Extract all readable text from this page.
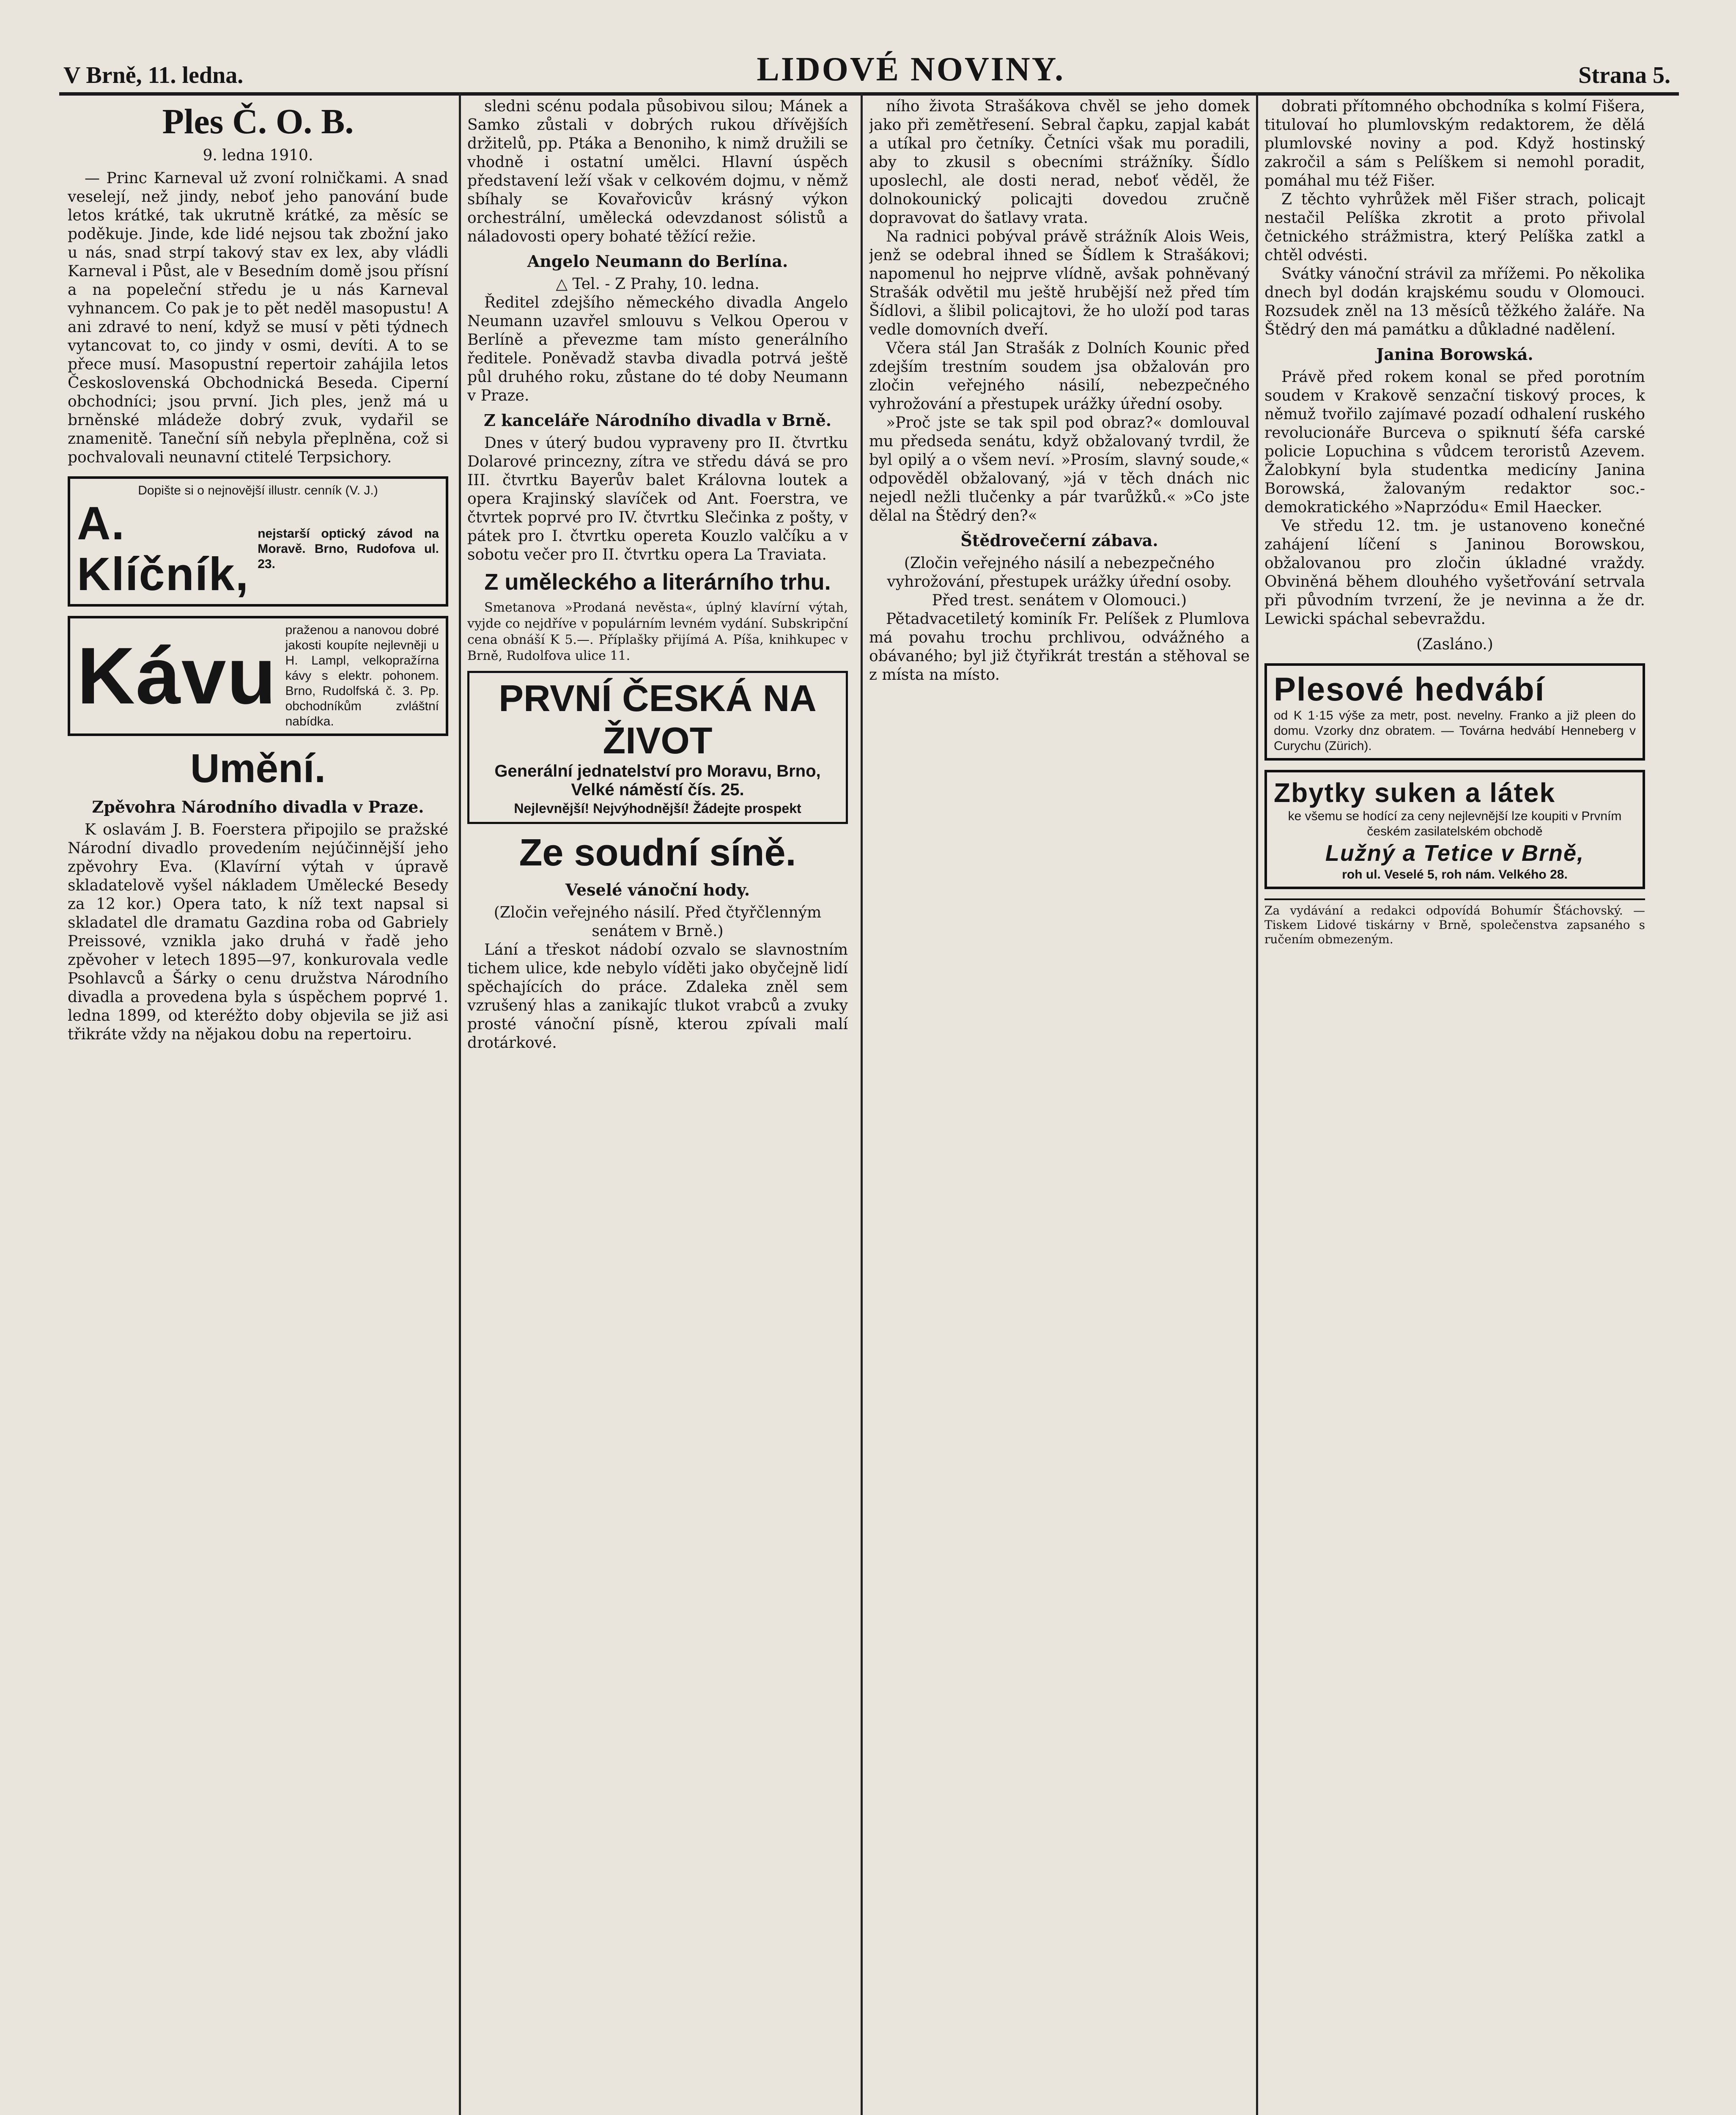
V Brně, 11. ledna.	LIDOVÉ NOVINY.	Strana 5.
Ples Č. O. B.
9. ledna 1910.

— Princ Karneval už zvoní rolničkami. A snad veselejí, než jindy, neboť jeho panování bude letos krátké, tak ukrutně krátké, za měsíc se poděkuje. Jinde, kde lidé nejsou tak zbožní jako u nás, snad strpí takový stav ex lex, aby vládli Karneval i Půst, ale v Besedním domě jsou přísní a na popeleční středu je u nás Karneval vyhnancem. Co pak je to pět neděl masopustu! A ani zdravé to není, když se musí v pěti týdnech vytancovat to, co jindy v osmi, devíti. A to se přece musí. Masopustní repertoir zahájila letos Československá Obchodnická Beseda. Ciperní obchodníci; jsou první. Jich ples, jenž má u brněnské mládeže dobrý zvuk, vydařil se znamenitě. Taneční síň nebyla přeplněna, což si pochvalovali neunavní ctitelé Terpsichory.

Dopište si o nejnovější illustr. cenník (V. J.)
A. Klíčník,
nejstarší optický závod na Moravě. Brno, Rudofova ul. 23.
Kávu
praženou a nanovou dobré jakosti koupíte nejlevněji u H. Lampl, velkopražírna kávy s elektr. pohonem. Brno, Rudolfská č. 3. Pp. obchodníkům zvláštní nabídka.
Umění.
Zpěvohra Národního divadla v Praze.

K oslavám J. B. Foerstera připojilo se pražské Národní divadlo provedením nejúčinnější jeho zpěvohry Eva. (Klavírní výtah v úpravě skladatelově vyšel nákladem Umělecké Besedy za 12 kor.) Opera tato, k níž text napsal si skladatel dle dramatu Gazdina roba od Gabriely Preissové, vznikla jako druhá v řadě jeho zpěvoher v letech 1895—97, konkurovala vedle Psohlavců a Šárky o cenu družstva Národního divadla a provedena byla s úspěchem poprvé 1. ledna 1899, od kteréžto doby objevila se již asi třikráte vždy na nějakou dobu na repertoiru.

sledni scénu podala působivou silou; Mánek a Samko zůstali v dobrých rukou dřívějších držitelů, pp. Ptáka a Benoniho, k nimž družili se vhodně i ostatní umělci. Hlavní úspěch představení leží však v celkovém dojmu, v němž sbíhaly se Kovařovicův krásný výkon orchestrální, umělecká odevzdanost sólistů a náladovosti opery bohaté těžící režie.

Angelo Neumann do Berlína.
△ Tel. - Z Prahy, 10. ledna.

Ředitel zdejšího německého divadla Angelo Neumann uzavřel smlouvu s Velkou Operou v Berlíně a převezme tam místo generálního ředitele. Poněvadž stavba divadla potrvá ještě půl druhého roku, zůstane do té doby Neumann v Praze.

Z kanceláře Národního divadla v Brně.

Dnes v úterý budou vypraveny pro II. čtvrtku Dolarové princezny, zítra ve středu dává se pro III. čtvrtku Bayerův balet Královna loutek a opera Krajinský slavíček od Ant. Foerstra, ve čtvrtek poprvé pro IV. čtvrtku Slečinka z pošty, v pátek pro I. čtvrtku opereta Kouzlo valčíku a v sobotu večer pro II. čtvrtku opera La Traviata.

Z uměleckého a literárního trhu.

Smetanova »Prodaná nevěsta«, úplný klavírní výtah, vyjde co nejdříve v populárním levném vydání. Subskripční cena obnáší K 5.—. Příplašky přijímá A. Píša, knihkupec v Brně, Rudolfova ulice 11.

PRVNÍ ČESKÁ NA ŽIVOT
Generální jednatelství pro Moravu, Brno, Velké náměstí čís. 25.
Nejlevnější! Nejvýhodnější! Žádejte prospekt
Ze soudní síně.
Veselé vánoční hody.
(Zločin veřejného násilí. Před čtyřčlenným senátem v Brně.)

Lání a třeskot nádobí ozvalo se slavnostním tichem ulice, kde nebylo víděti jako obyčejně lidí spěchajících do práce. Zdaleka zněl sem vzrušený hlas a zanikajíc tlukot vrabců a zvuky prosté vánoční písně, kterou zpívali malí drotárkové.

ního života Strašákova chvěl se jeho domek jako při zemětřesení. Sebral čapku, zapjal kabát a utíkal pro četníky. Četníci však mu poradili, aby to zkusil s obecními strážníky. Šídlo uposlechl, ale dosti nerad, neboť věděl, že dolnokounický policajti dovedou zručně dopravovat do šatlavy vrata.

Na radnici pobýval právě strážník Alois Weis, jenž se odebral ihned se Šídlem k Strašákovi; napomenul ho nejprve vlídně, avšak pohněvaný Strašák odvětil mu ještě hrubější než před tím Šídlovi, a šlibil policajtovi, že ho uloží pod taras vedle domovních dveří.

Včera stál Jan Strašák z Dolních Kounic před zdejším trestním soudem jsa obžalován pro zločin veřejného násilí, nebezpečného vyhrožování a přestupek urážky úřední osoby.

»Proč jste se tak spil pod obraz?« domlouval mu předseda senátu, když obžalovaný tvrdil, že byl opilý a o všem neví. »Prosím, slavný soude,« odpověděl obžalovaný, »já v těch dnách nic nejedl nežli tlučenky a pár tvarůžků.« »Co jste dělal na Štědrý den?«

Štědrovečerní zábava.
(Zločin veřejného násilí a nebezpečného vyhrožování, přestupek urážky úřední osoby. Před trest. senátem v Olomouci.)

Pětadvacetiletý kominík Fr. Pelíšek z Plumlova má povahu trochu prchlivou, odvážného a obávaného; byl již čtyřikrát trestán a stěhoval se z místa na místo.

dobrati přítomného obchodníka s kolmí Fišera, titulovaí ho plumlovským redaktorem, že dělá plumlovské noviny a pod. Když hostinský zakročil a sám s Pelíškem si nemohl poradit, pomáhal mu též Fišer.

Z těchto vyhrůžek měl Fišer strach, policajt nestačil Pelíška zkrotit a proto přivolal četnického strážmistra, který Pelíška zatkl a chtěl odvésti.

Svátky vánoční strávil za mřížemi. Po několika dnech byl dodán krajskému soudu v Olomouci. Rozsudek zněl na 13 měsíců těžkého žaláře. Na Štědrý den má památku a důkladné nadělení.

Janina Borowská.

Právě před rokem konal se před porotním soudem v Krakově senzační tiskový proces, k němuž tvořilo zajímavé pozadí odhalení ruského revolucionáře Burceva o spiknutí šéfa carské policie Lopuchina s vůdcem teroristů Azevem. Žalobkyní byla studentka medicíny Janina Borowská, žalovaným redaktor soc.-demokratického »Naprzódu« Emil Haecker.

Ve středu 12. tm. je ustanoveno konečné zahájení líčení s Janinou Borowskou, obžalovanou pro zločin úkladné vraždy. Obviněná během dlouhého vyšetřování setrvala při původním tvrzení, že je nevinna a že dr. Lewicki spáchal sebevraždu.

(Zasláno.)
Plesové hedvábí
od K 1·15 výše za metr, post. nevelny. Franko a již pleen do domu. Vzorky dnz obratem. — Továrna hedvábí Henneberg v Curychu (Zürich).
Zbytky suken a látek
ke všemu se hodící za ceny nejlevnější lze koupiti v Prvním českém zasilatelském obchodě
Lužný a Tetice v Brně,
roh ul. Veselé 5, roh nám. Velkého 28.
Za vydávání a redakci odpovídá Bohumír Šťáchovský. — Tiskem Lidové tiskárny v Brně, společenstva zapsaného s ručením obmezeným.
